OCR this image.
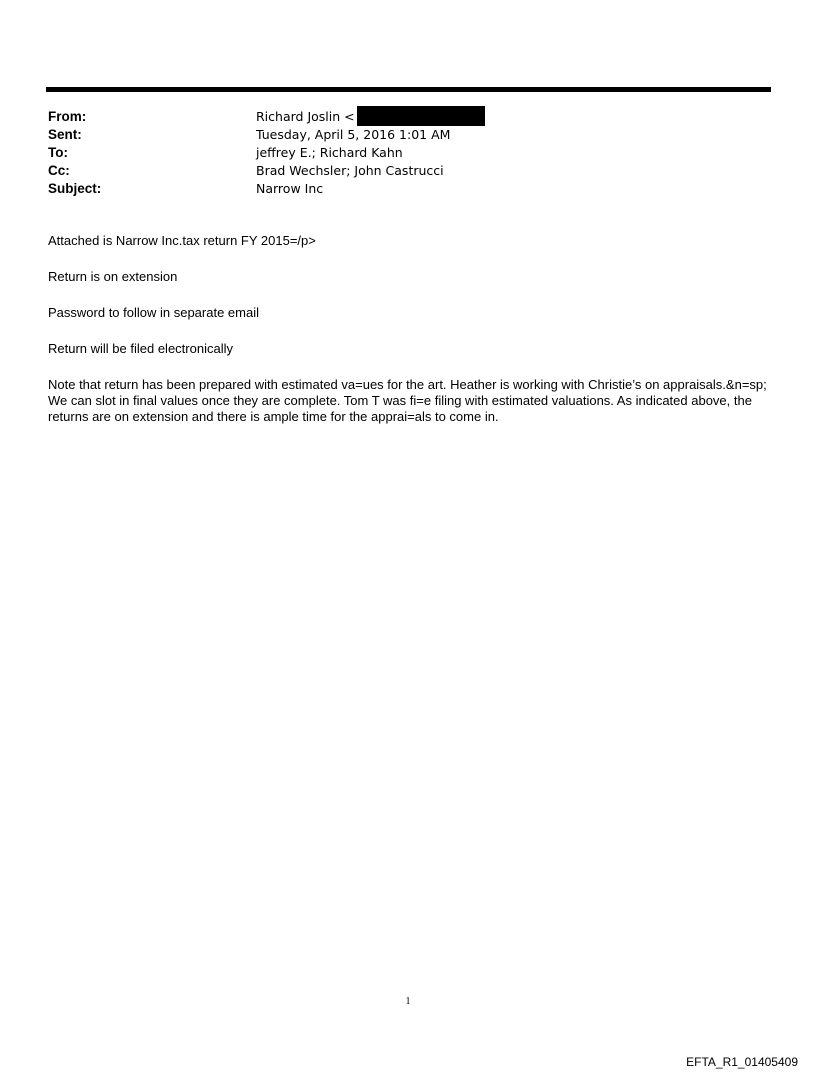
From:	Richard Joslin <
Sent:	Tuesday, April 5, 2016 1:01 AM
To:	jeffrey E.; Richard Kahn
Cc:	Brad Wechsler; John Castrucci
Subject:	Narrow Inc

Attached is Narrow Inc.tax return FY 2015=/p>

Return is on extension

Password to follow in separate email

Return will be filed electronically

Note that return has been prepared with estimated va=ues for the art. Heather is working with Christie’s on appraisals.&n=sp; We can slot in final values once they are complete. Tom T was fi=e filing with estimated valuations. As indicated above, the returns are on extension and there is ample time for the apprai=als to come in.

1
EFTA_R1_01405409
